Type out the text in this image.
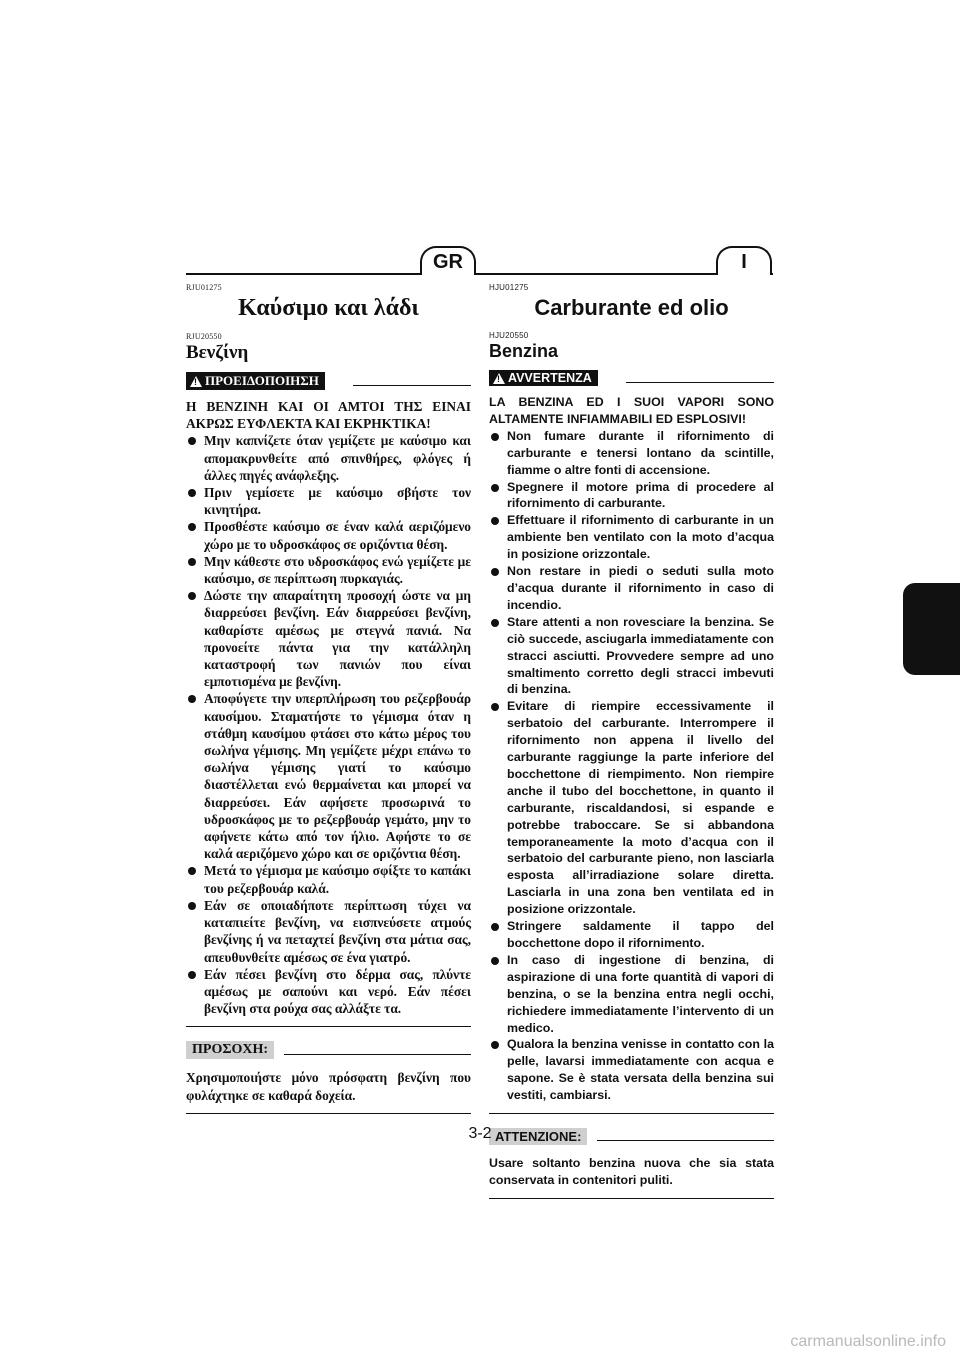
GR	I
RJU01275
Καύσιμο και λάδι
RJU20550
Βενζίνη
!
ΠΡΟΕΙΔΟΠΟΙΗΣΗ
Η ΒΕΝΖΙΝΗ ΚΑΙ ΟΙ ΑΜΤΟΙ ΤΗΣ ΕΙΝΑΙ ΑΚΡΩΣ ΕΥΦΛΕΚΤΑ ΚΑΙ ΕΚΡΗΚΤΙΚΑ!
Μην καπνίζετε όταν γεμίζετε με καύσιμο και απομακρυνθείτε από σπινθήρες, φλόγες ή άλλες πηγές ανάφλεξης.
Πριν γεμίσετε με καύσιμο σβήστε τον κινητήρα.
Προσθέστε καύσιμο σε έναν καλά αεριζόμενο χώρο με το υδροσκάφος σε οριζόντια θέση.
Μην κάθεστε στο υδροσκάφος ενώ γεμίζετε με καύσιμο, σε περίπτωση πυρκαγιάς.
Δώστε την απαραίτητη προσοχή ώστε να μη διαρρεύσει βενζίνη. Εάν διαρρεύσει βενζίνη, καθαρίστε αμέσως με στεγνά πανιά. Να προνοείτε πάντα για την κατάλληλη καταστροφή των πανιών που είναι εμποτισμένα με βενζίνη.
Αποφύγετε την υπερπλήρωση του ρεζερβουάρ καυσίμου. Σταματήστε το γέμισμα όταν η στάθμη καυσίμου φτάσει στο κάτω μέρος του σωλήνα γέμισης. Μη γεμίζετε μέχρι επάνω το σωλήνα γέμισης γιατί το καύσιμο διαστέλλεται ενώ θερμαίνεται και μπορεί να διαρρεύσει. Εάν αφήσετε προσωρινά το υδροσκάφος με το ρεζερβουάρ γεμάτο, μην το αφήνετε κάτω από τον ήλιο. Αφήστε το σε καλά αεριζόμενο χώρο και σε οριζόντια θέση.
Μετά το γέμισμα με καύσιμο σφίξτε το καπάκι του ρεζερβουάρ καλά.
Εάν σε οποιαδήποτε περίπτωση τύχει να καταπιείτε βενζίνη, να εισπνεύσετε ατμούς βενζίνης ή να πεταχτεί βενζίνη στα μάτια σας, απευθυνθείτε αμέσως σε ένα γιατρό.
Εάν πέσει βενζίνη στο δέρμα σας, πλύντε αμέσως με σαπούνι και νερό. Εάν πέσει βενζίνη στα ρούχα σας αλλάξτε τα.
ΠΡΟΣΟΧΗ:
Χρησιμοποιήστε μόνο πρόσφατη βενζίνη που φυλάχτηκε σε καθαρά δοχεία.
HJU01275
Carburante ed olio
HJU20550
Benzina
!
AVVERTENZA
LA BENZINA ED I SUOI VAPORI SONO ALTAMENTE INFIAMMABILI ED ESPLOSIVI!
Non fumare durante il rifornimento di carburante e tenersi lontano da scintille, fiamme o altre fonti di accensione.
Spegnere il motore prima di procedere al rifornimento di carburante.
Effettuare il rifornimento di carburante in un ambiente ben ventilato con la moto d’acqua in posizione orizzontale.
Non restare in piedi o seduti sulla moto d’acqua durante il rifornimento in caso di incendio.
Stare attenti a non rovesciare la benzina. Se ciò succede, asciugarla immediatamente con stracci asciutti. Provvedere sempre ad uno smaltimento corretto degli stracci imbevuti di benzina.
Evitare di riempire eccessivamente il serbatoio del carburante. Interrompere il rifornimento non appena il livello del carburante raggiunge la parte inferiore del bocchettone di riempimento. Non riempire anche il tubo del bocchettone, in quanto il carburante, riscaldandosi, si espande e potrebbe traboccare. Se si abbandona temporaneamente la moto d’acqua con il serbatoio del carburante pieno, non lasciarla esposta all’irradiazione solare diretta. Lasciarla in una zona ben ventilata ed in posizione orizzontale.
Stringere saldamente il tappo del bocchettone dopo il rifornimento.
In caso di ingestione di benzina, di aspirazione di una forte quantità di vapori di benzina, o se la benzina entra negli occhi, richiedere immediatamente l’intervento di un medico.
Qualora la benzina venisse in contatto con la pelle, lavarsi immediatamente con acqua e sapone. Se è stata versata della benzina sui vestiti, cambiarsi.
ATTENZIONE:
Usare soltanto benzina nuova che sia stata conservata in contenitori puliti.
3-2
carmanualsonline.info
